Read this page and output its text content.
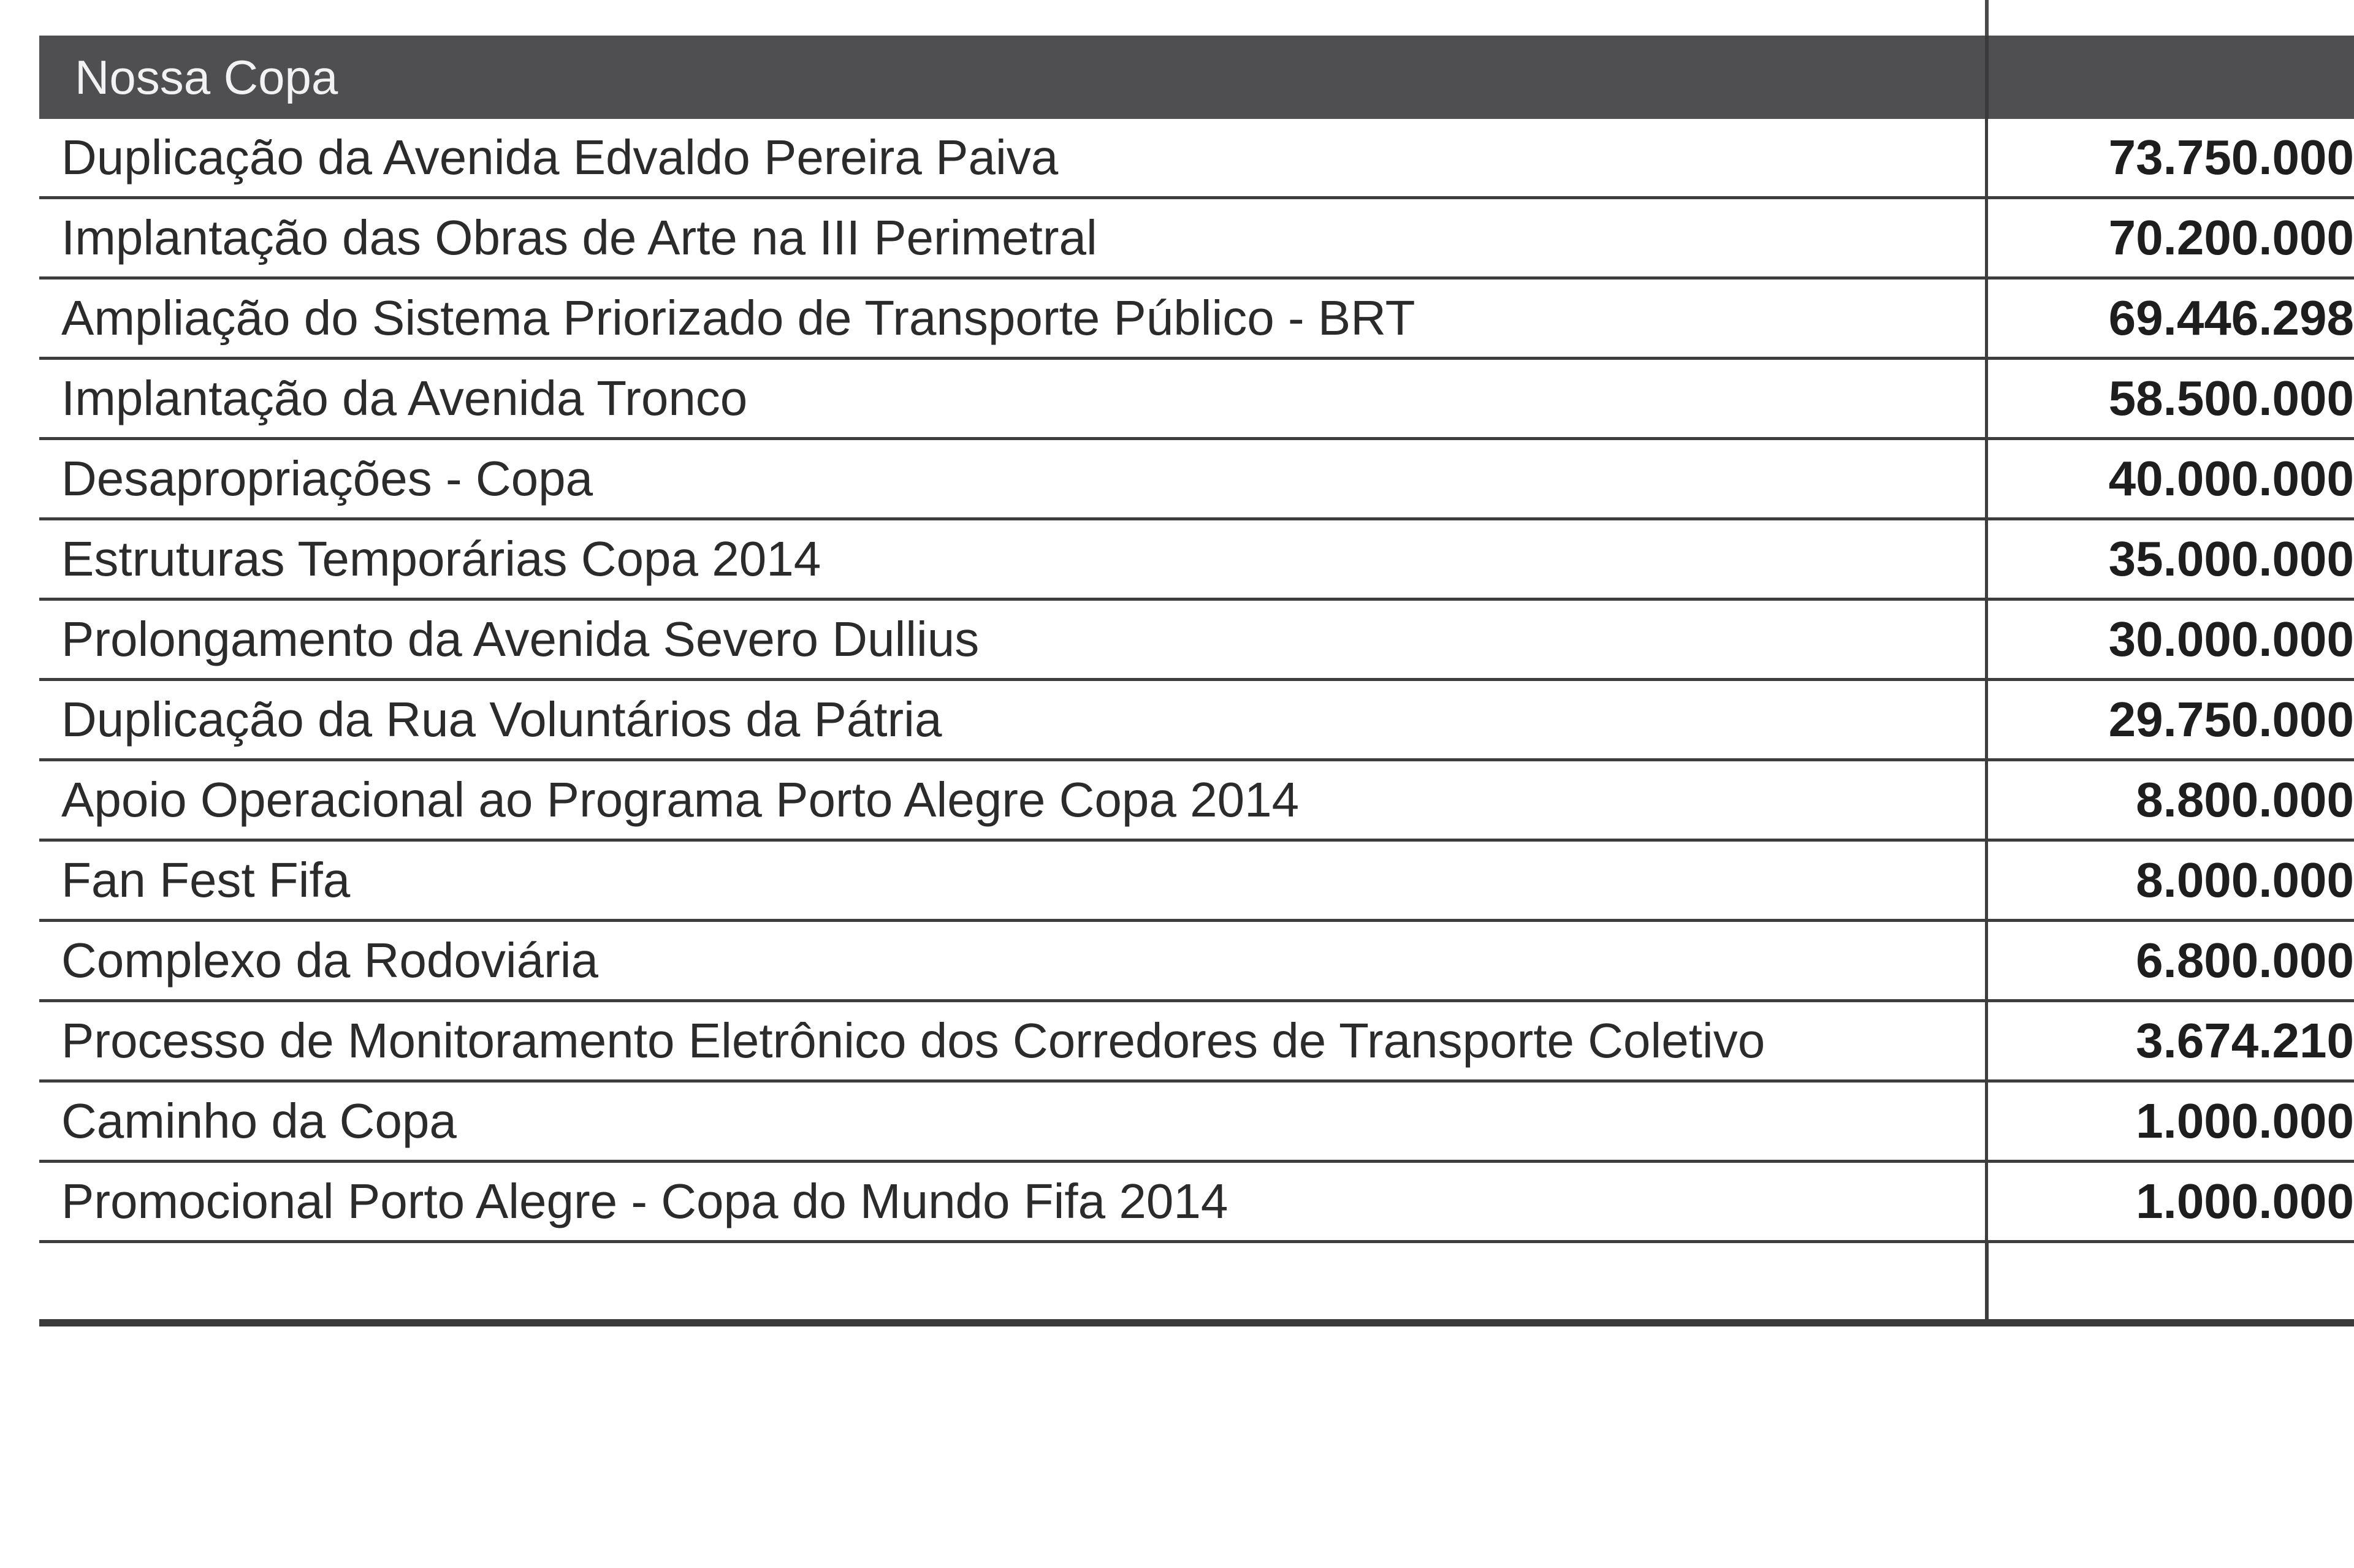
Nossa Copa
Duplicação da Avenida Edvaldo Pereira Paiva	73.750.000
Implantação das Obras de Arte na III Perimetral	70.200.000
Ampliação do Sistema Priorizado de Transporte Público - BRT	69.446.298
Implantação da Avenida Tronco	58.500.000
Desapropriações - Copa	40.000.000
Estruturas Temporárias Copa 2014	35.000.000
Prolongamento da Avenida Severo Dullius	30.000.000
Duplicação da Rua Voluntários da Pátria	29.750.000
Apoio Operacional ao Programa Porto Alegre Copa 2014	8.800.000
Fan Fest Fifa	8.000.000
Complexo da Rodoviária	6.800.000
Processo de Monitoramento Eletrônico dos Corredores de Transporte Coletivo	3.674.210
Caminho da Copa	1.000.000
Promocional Porto Alegre - Copa do Mundo Fifa 2014	1.000.000
